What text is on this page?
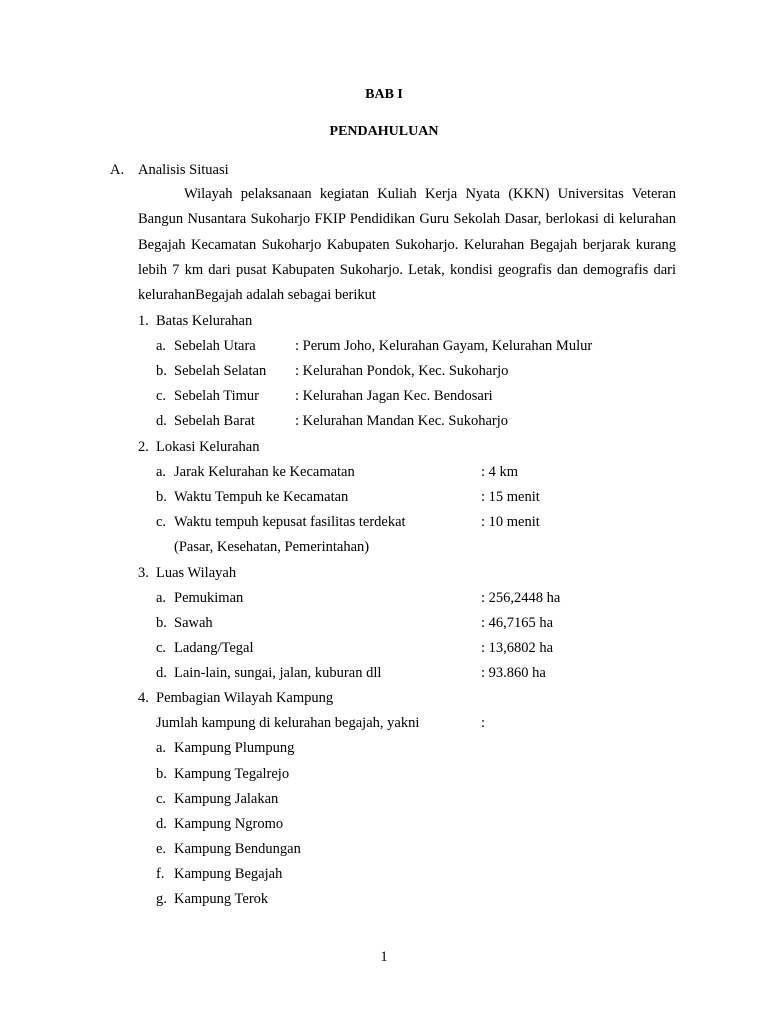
BAB I
PENDAHULUAN
A. Analisis Situasi
Wilayah pelaksanaan kegiatan Kuliah Kerja Nyata (KKN) Universitas Veteran Bangun Nusantara Sukoharjo FKIP Pendidikan Guru Sekolah Dasar, berlokasi di kelurahan Begajah Kecamatan Sukoharjo Kabupaten Sukoharjo. Kelurahan Begajah berjarak kurang lebih 7 km dari pusat Kabupaten Sukoharjo. Letak, kondisi geografis dan demografis dari kelurahanBegajah adalah sebagai berikut
1. Batas Kelurahan
a. Sebelah Utara	: Perum Joho, Kelurahan Gayam, Kelurahan Mulur
b. Sebelah Selatan : Kelurahan Pondok, Kec. Sukoharjo
c. Sebelah Timur : Kelurahan Jagan Kec. Bendosari
d. Sebelah Barat	: Kelurahan Mandan Kec. Sukoharjo
2. Lokasi Kelurahan
a. Jarak Kelurahan ke Kecamatan	: 4 km
b. Waktu Tempuh ke Kecamatan	: 15 menit
c. Waktu tempuh kepusat fasilitas terdekat	: 10 menit
(Pasar, Kesehatan, Pemerintahan)
3. Luas Wilayah
a. Pemukiman	: 256,2448 ha
b. Sawah	: 46,7165 ha
c. Ladang/Tegal	: 13,6802 ha
d. Lain-lain, sungai, jalan, kuburan dll	: 93.860 ha
4. Pembagian Wilayah Kampung
Jumlah kampung di kelurahan begajah, yakni	:
a. Kampung Plumpung
b. Kampung Tegalrejo
c. Kampung Jalakan
d. Kampung Ngromo
e. Kampung Bendungan
f. Kampung Begajah
g. Kampung Terok
1
